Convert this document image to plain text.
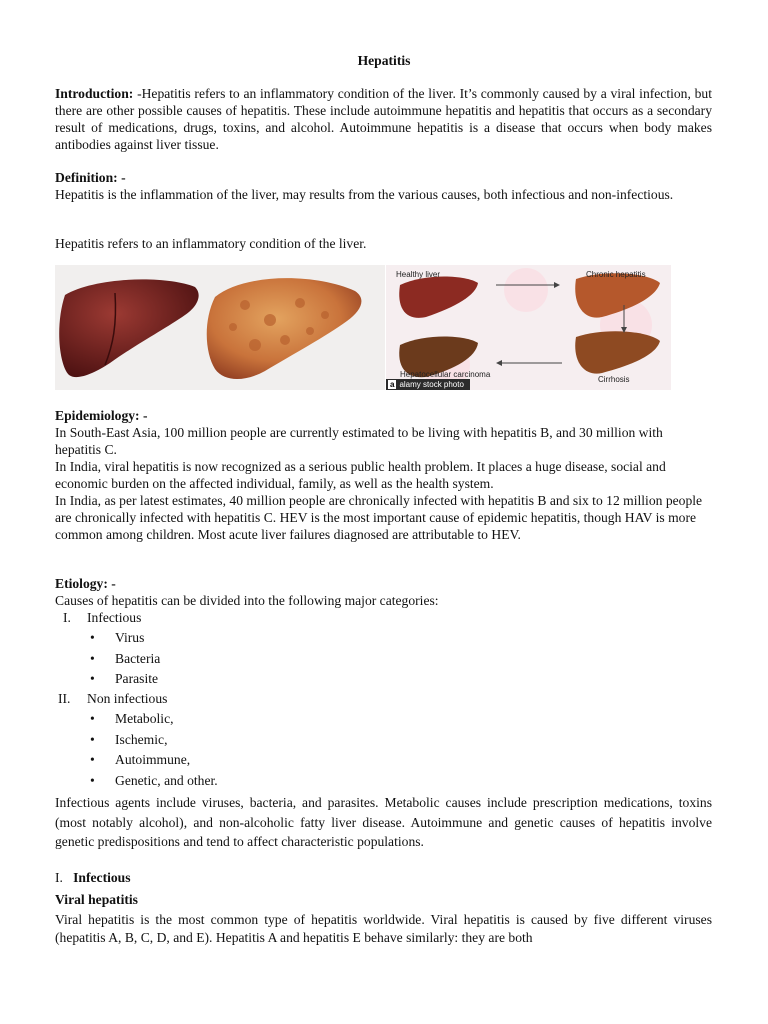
Hepatitis

Introduction: -Hepatitis refers to an inflammatory condition of the liver. It’s commonly caused by a viral infection, but there are other possible causes of hepatitis. These include autoimmune hepatitis and hepatitis that occurs as a secondary result of medications, drugs, toxins, and alcohol. Autoimmune hepatitis is a disease that occurs when body makes antibodies against liver tissue.

Definition: -

Hepatitis is the inflammation of the liver, may results from the various causes, both infectious and non-infectious.

Hepatitis refers to an inflammatory condition of the liver.

Healthy liver	Chronic hepatitis
Hepatocellular carcinoma
Cirrhosis
a alamy stock photo

Epidemiology: -

In South-East Asia, 100 million people are currently estimated to be living with hepatitis B, and 30 million with hepatitis C.

In India, viral hepatitis is now recognized as a serious public health problem. It places a huge disease, social and economic burden on the affected individual, family, as well as the health system.

In India, as per latest estimates, 40 million people are chronically infected with hepatitis B and six to 12 million people are chronically infected with hepatitis C. HEV is the most important cause of epidemic hepatitis, though HAV is more common among children. Most acute liver failures diagnosed are attributable to HEV.

Etiology: -

Causes of hepatitis can be divided into the following major categories:

I. Infectious
• Virus
• Bacteria
• Parasite
II. Non infectious
• Metabolic,
• Ischemic,
• Autoimmune,
• Genetic, and other.

Infectious agents include viruses, bacteria, and parasites. Metabolic causes include prescription medications, toxins (most notably alcohol), and non-alcoholic fatty liver disease. Autoimmune and genetic causes of hepatitis involve genetic predispositions and tend to affect characteristic populations.

I. Infectious

Viral hepatitis

Viral hepatitis is the most common type of hepatitis worldwide. Viral hepatitis is caused by five different viruses (hepatitis A, B, C, D, and E). Hepatitis A and hepatitis E behave similarly: they are both
